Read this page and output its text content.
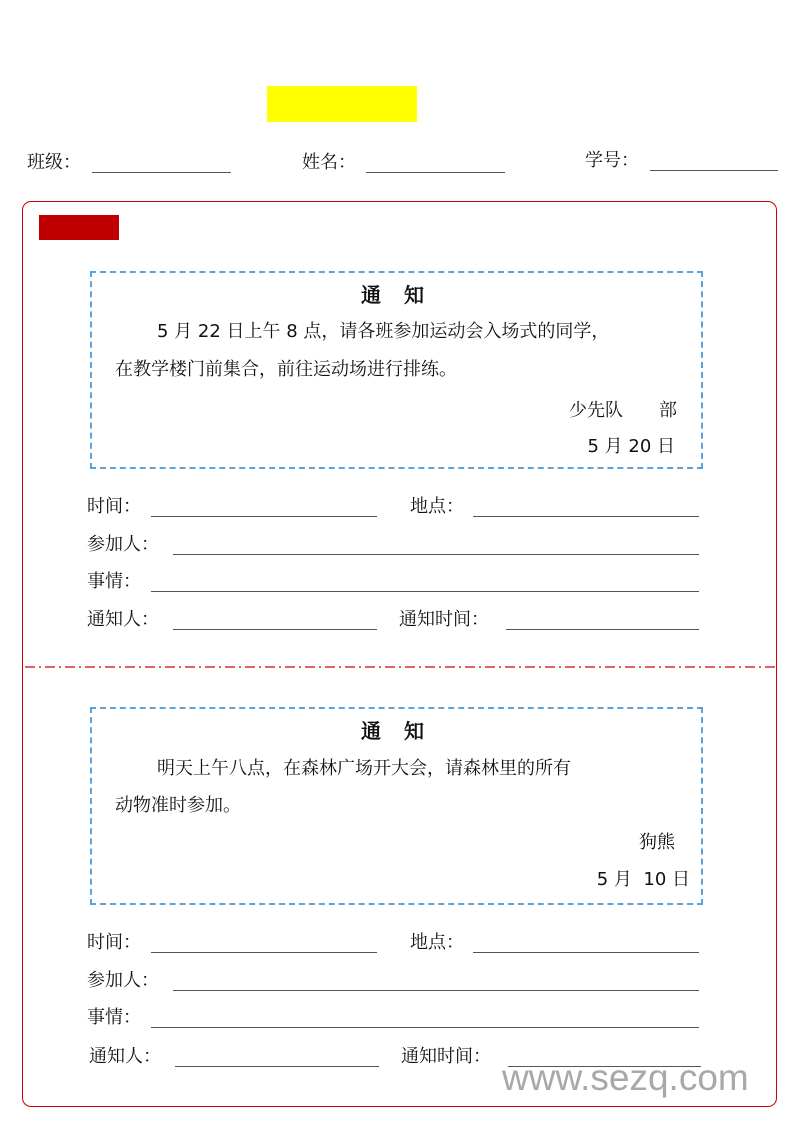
班级：	姓名：	学号：
通 知
5 月 22 日上午 8 点，请各班参加运动会入场式的同学，
在教学楼门前集合，前往运动场进行排练。
少先队　　部
5 月 20 日
时间：	地点：
参加人：
事情：
通知人：	通知时间：
通 知
明天上午八点，在森林广场开大会，请森林里的所有
动物准时参加。
狗熊
5 月  10 日
时间：	地点：
参加人：
事情：
通知人：	通知时间：
www.sezq.com
